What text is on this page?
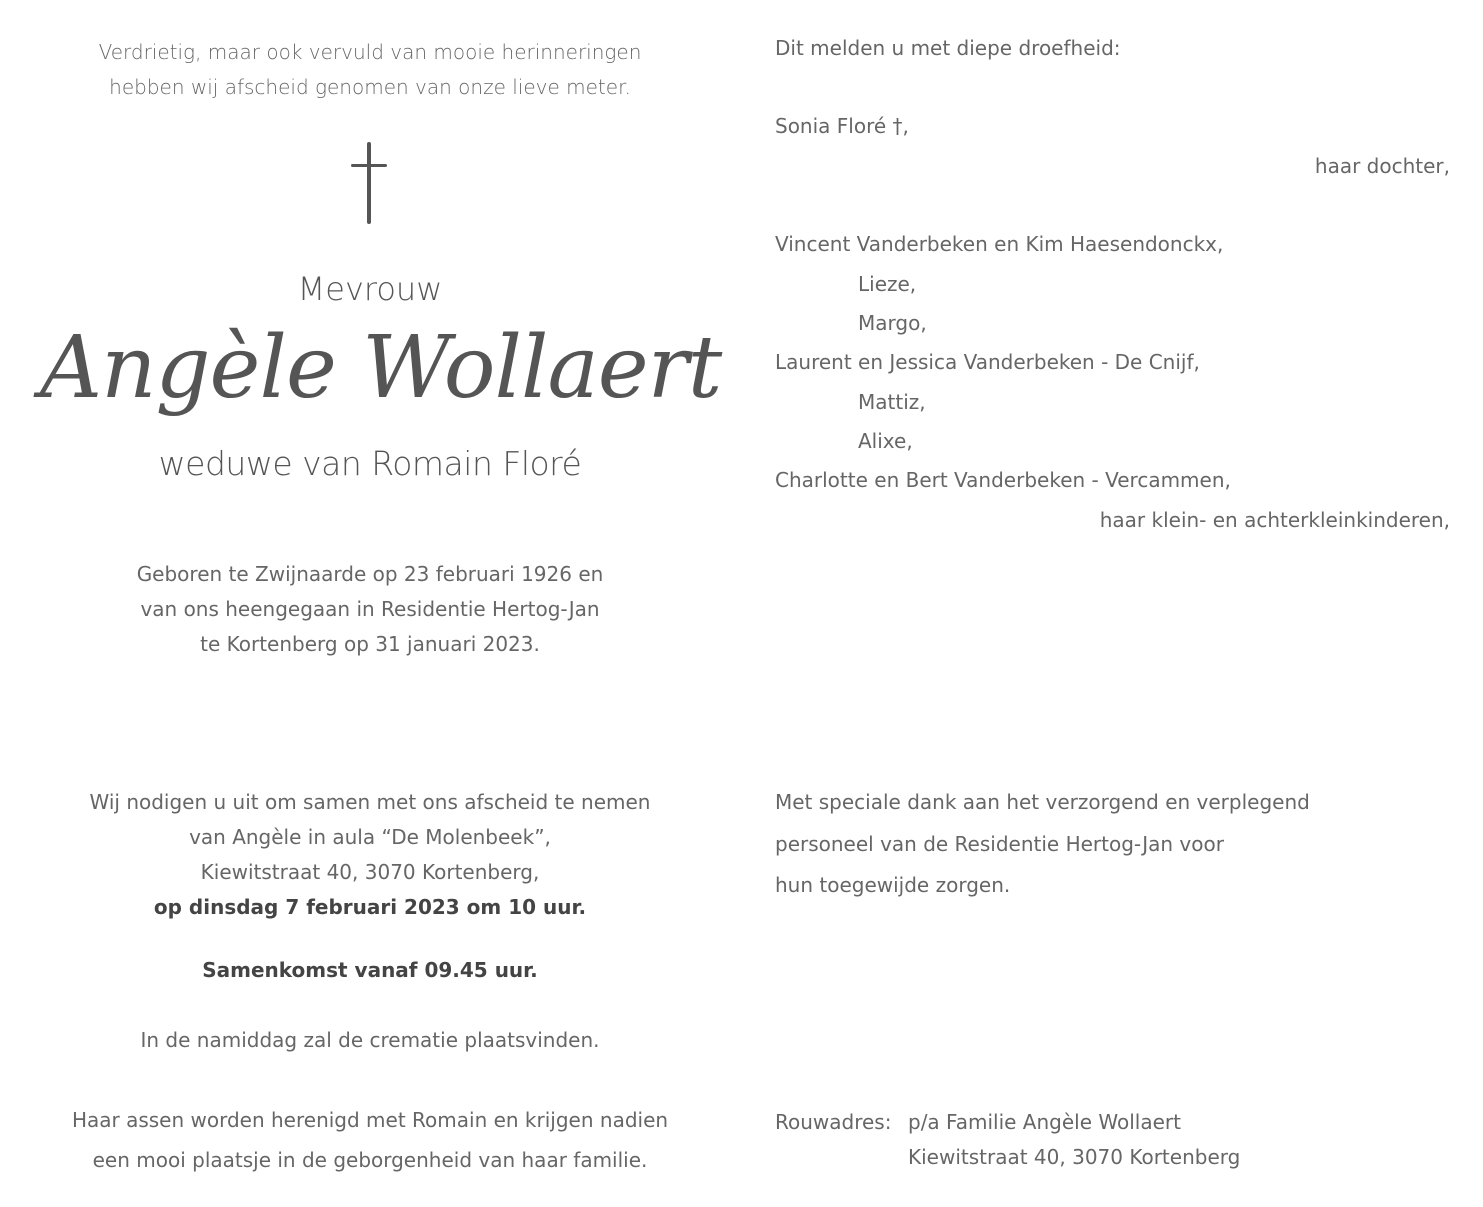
Verdrietig, maar ook vervuld van mooie herinneringen
hebben wij afscheid genomen van onze lieve meter.
Mevrouw
Angèle Wollaert
weduwe van Romain Floré
Geboren te Zwijnaarde op 23 februari 1926 en
van ons heengegaan in Residentie Hertog-Jan
te Kortenberg op 31 januari 2023.
Wij nodigen u uit om samen met ons afscheid te nemen
van Angèle in aula “De Molenbeek”,
Kiewitstraat 40, 3070 Kortenberg,
op dinsdag 7 februari 2023 om 10 uur.
Samenkomst vanaf 09.45 uur.
In de namiddag zal de crematie plaatsvinden.
Haar assen worden herenigd met Romain en krijgen nadien
een mooi plaatsje in de geborgenheid van haar familie.
Dit melden u met diepe droefheid:
Sonia Floré †,
haar dochter,
Vincent Vanderbeken en Kim Haesendonckx,
Lieze,
Margo,
Laurent en Jessica Vanderbeken - De Cnijf,
Mattiz,
Alixe,
Charlotte en Bert Vanderbeken - Vercammen,
haar klein- en achterkleinkinderen,
Met speciale dank aan het verzorgend en verplegend
personeel van de Residentie Hertog-Jan voor
hun toegewijde zorgen.
Rouwadres: p/a Familie Angèle Wollaert
Kiewitstraat 40, 3070 Kortenberg
